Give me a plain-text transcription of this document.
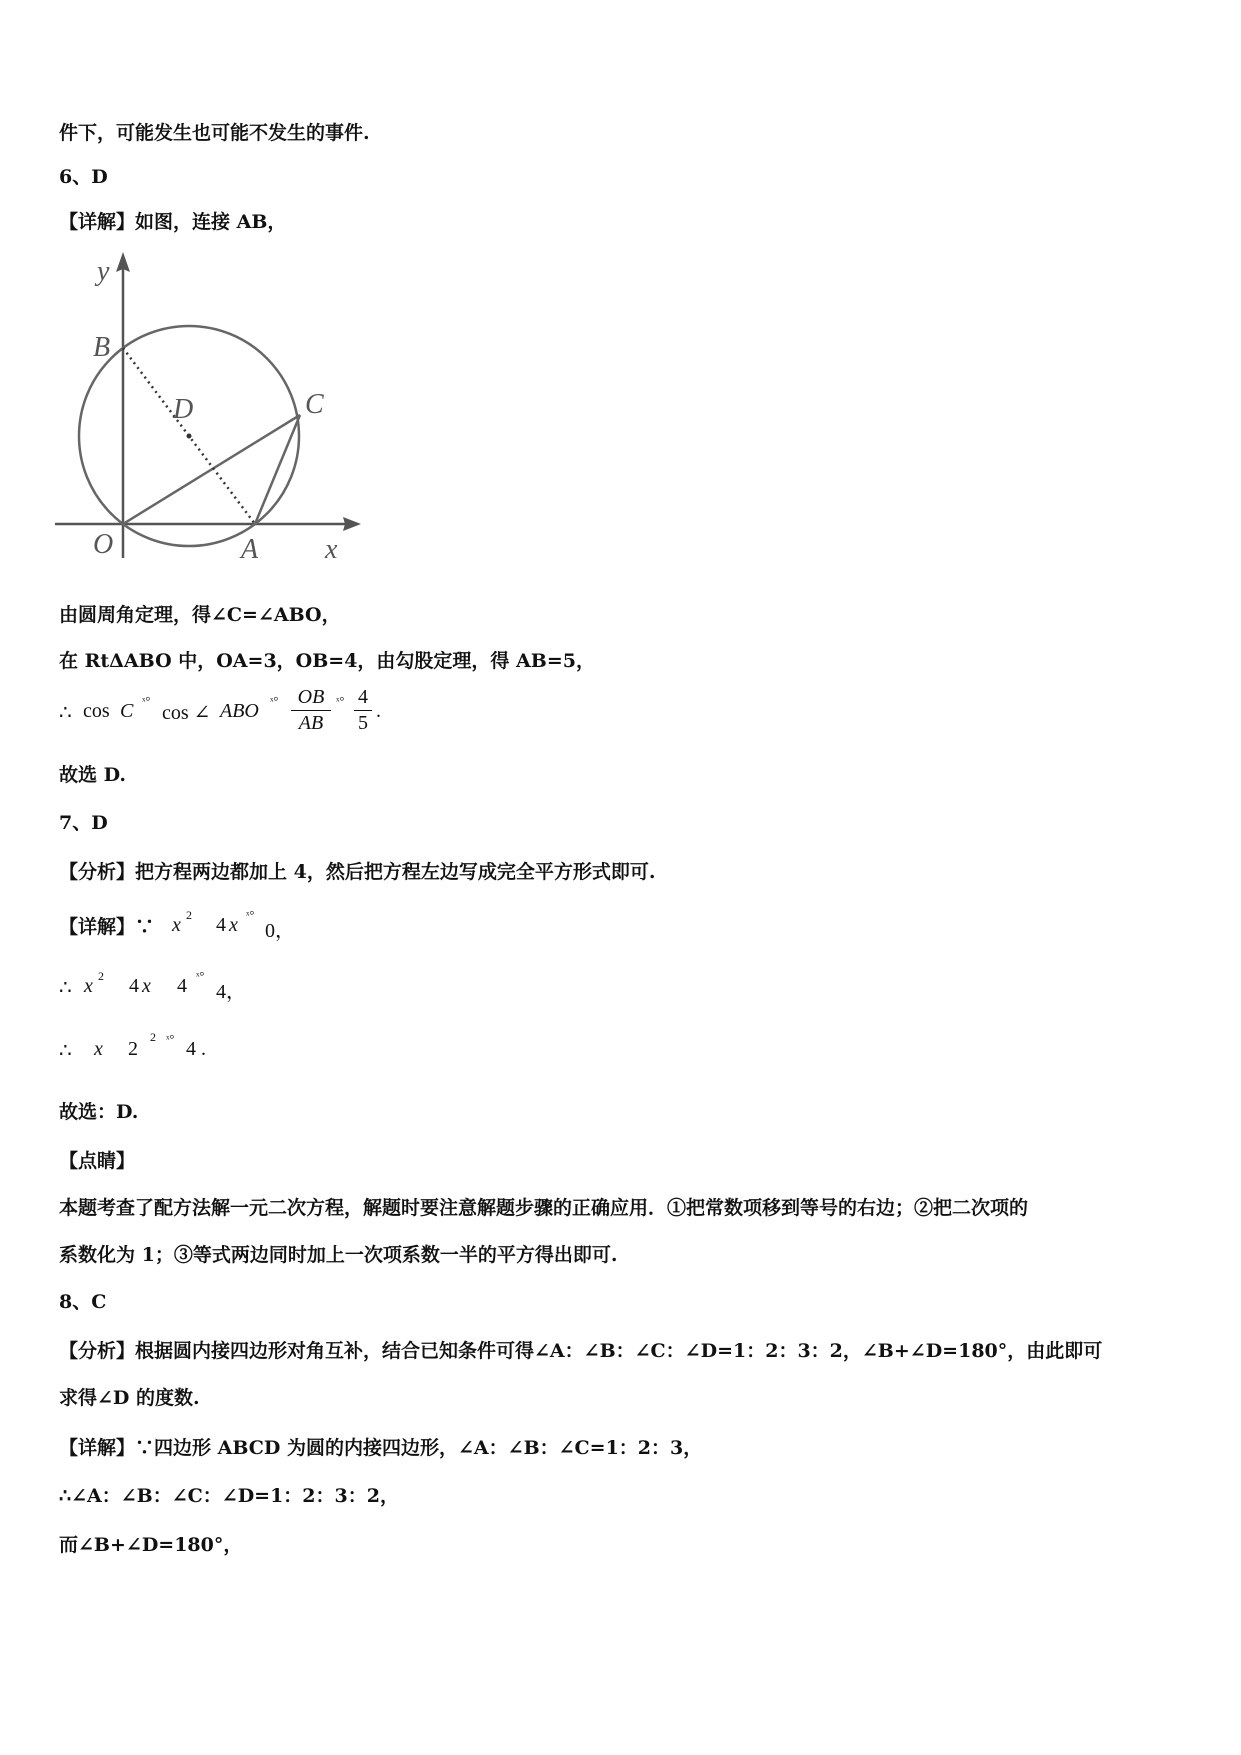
件下，可能发生也可能不发生的事件.
6、D
【详解】如图，连接 AB，
y
B
D	C
O	A x
由圆周角定理，得∠C=∠ABO，
在 RtΔABO 中，OA=3，OB=4，由勾股定理，得 AB=5，
∴ cos C ˣ°
cos ∠ ABO ˣ° OB
AB
ˣ° 4
5
.
故选 D.
7、D
【分析】把方程两边都加上 4，然后把方程左边写成完全平方形式即可.
【详解】∵ x 2 4 x ˣ°
0，
∴ x 2 4 x 4 ˣ°
4，
∴ x 2
2 ˣ° 4 .
故选：D.
【点睛】
本题考查了配方法解一元二次方程，解题时要注意解题步骤的正确应用．①把常数项移到等号的右边；②把二次项的
系数化为 1；③等式两边同时加上一次项系数一半的平方得出即可.
8、C
【分析】根据圆内接四边形对角互补，结合已知条件可得∠A：∠B：∠C：∠D=1：2：3：2，∠B+∠D=180°，由此即可
求得∠D 的度数.
【详解】∵四边形 ABCD 为圆的内接四边形，∠A：∠B：∠C=1：2：3，
∴∠A：∠B：∠C：∠D=1：2：3：2，
而∠B+∠D=180°，
